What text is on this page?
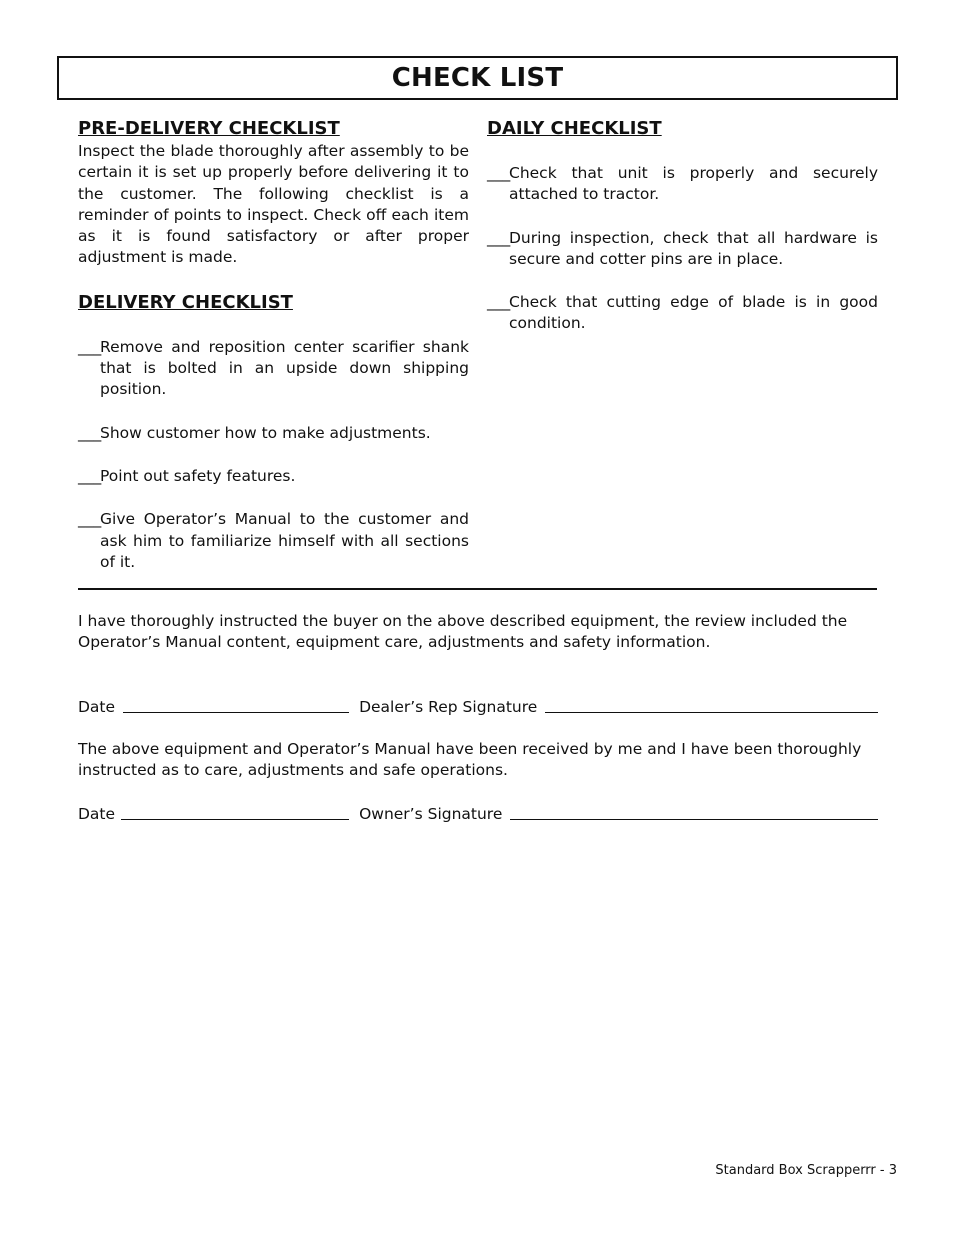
CHECK LIST

PRE-DELIVERY CHECKLIST

Inspect the blade thoroughly after assembly to be certain it is set up properly before delivering it to the customer. The following checklist is a reminder of points to inspect. Check off each item as it is found satisfactory or after proper adjustment is made.

DELIVERY CHECKLIST

___
Remove and reposition center scarifier shank that is bolted in an upside down shipping position.
___
Show customer how to make adjustments.
___
Point out safety features.
___
Give Operator’s Manual to the customer and ask him to familiarize himself with all sections of it.

DAILY CHECKLIST

___
Check that unit is properly and securely attached to tractor.
___
During inspection, check that all hardware is secure and cotter pins are in place.
___
Check that cutting edge of blade is in good condition.

I have thoroughly instructed the buyer on the above described equipment, the review included the Operator’s Manual content, equipment care, adjustments and safety information.

Date	Dealer’s Rep Signature

The above equipment and Operator’s Manual have been received by me and I have been thoroughly instructed as to care, adjustments and safe operations.

Date	Owner’s Signature
Standard Box Scrapperrr - 3
